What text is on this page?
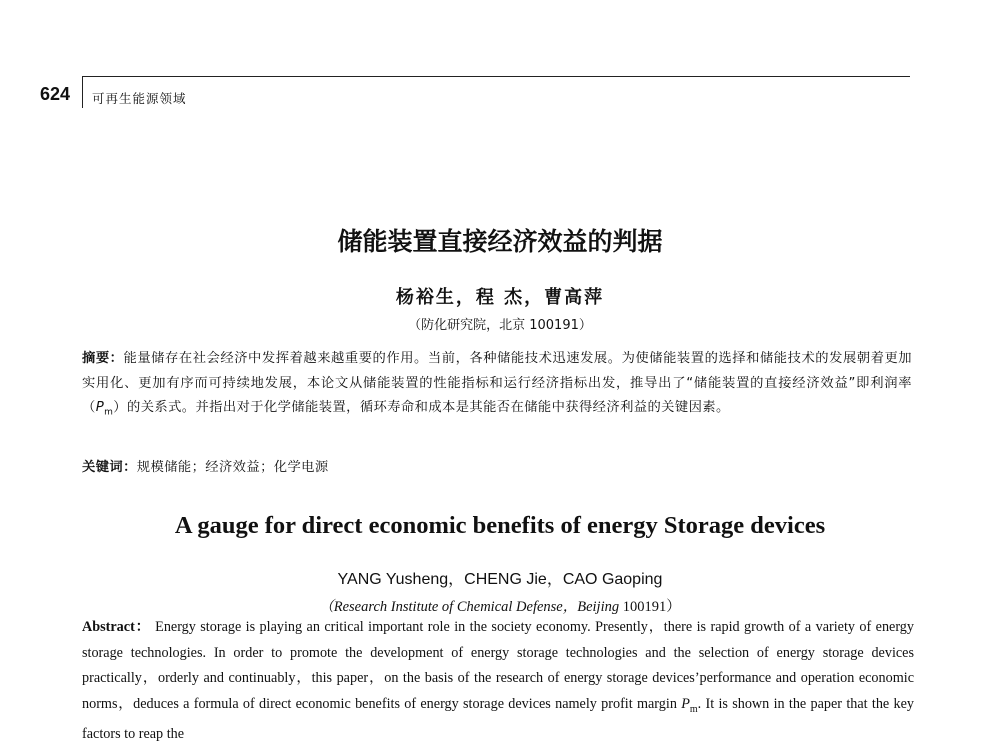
624 可再生能源领域
储能装置直接经济效益的判据
杨裕生，程 杰，曹高萍
（防化研究院，北京 100191）
摘要：能量储存在社会经济中发挥着越来越重要的作用。当前，各种储能技术迅速发展。为使储能装置的选择和储能技术的发展朝着更加实用化、更加有序而可持续地发展，本论文从储能装置的性能指标和运行经济指标出发，推导出了“储能装置的直接经济效益”即利润率$(P_m)$的关系式。并指出对于化学储能装置，循环寿命和成本是其能否在储能中获得经济利益的关键因素。
关键词：规模储能；经济效益；化学电源
A gauge for direct economic benefits of energy Storage devices
YANG Yusheng，CHENG Jie，CAO Gaoping
（Research Institute of Chemical Defense，Beijing 100191）
Abstract： Energy storage is playing an critical important role in the society economy. Presently，there is rapid growth of a variety of energy storage technologies. In order to promote the development of energy storage technologies and the selection of energy storage devices practically，orderly and continuably，this paper，on the basis of the research of energy storage devices’performance and operation economic norms，deduces a formula of direct economic benefits of energy storage devices namely profit margin $P_m$. It is shown in the paper that the key factors to reap the
